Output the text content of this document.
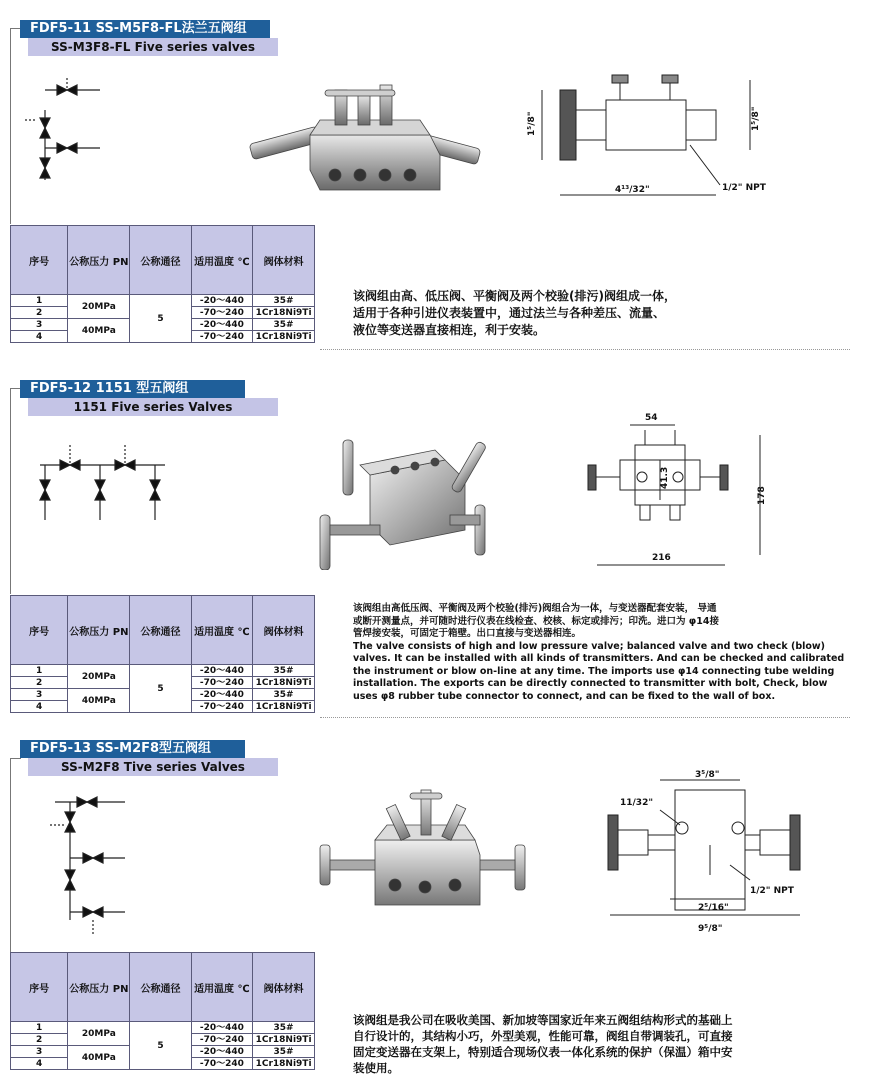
FDF5-11 SS-M5F8-FL法兰五阀组
SS-M3F8-FL Five series valves
4¹³/32"
1⁵/8"	1⁵/8"
1/2" NPT
序号	公称压力 PN	公称通径	适用温度 ℃	阀体材料
1	20MPa	5	-20～440	35#
2			-70～240	1Cr18Ni9Ti
3	40MPa		-20～440	35#
4			-70～240	1Cr18Ni9Ti

该阀组由高、低压阀、平衡阀及两个校验(排污)阀组成一体，

适用于各种引进仪表装置中，通过法兰与各种差压、流量、

液位等变送器直接相连，利于安装。

FDF5-12 1151 型五阀组
1151 Five series Valves
54
41.3
178
216
序号	公称压力 PN	公称通径	适用温度 ℃	阀体材料
1	20MPa	5	-20～440	35#
2			-70～240	1Cr18Ni9Ti
3	40MPa		-20～440	35#
4			-70～240	1Cr18Ni9Ti

该阀组由高低压阀、平衡阀及两个校验(排污)阀组合为一体，与变送器配套安装， 导通

或断开测量点，并可随时进行仪表在线检查、校核、标定或排污；印洗。进口为 φ14接

管焊接安装，可固定于箱壁。出口直接与变送器相连。

The valve consists of high and low pressure valve; balanced valve and two check (blow)

valves. It can be installed with all kinds of transmitters. And can be checked and calibrated

the instrument or blow on-line at any time. The imports use φ14 connecting tube welding

installation. The exports can be directly connected to transmitter with bolt, Check, blow

uses φ8 rubber tube connector to connect, and can be fixed to the wall of box.

FDF5-13 SS-M2F8型五阀组
SS-M2F8 Tive series Valves
3⁵/8"
11/32"
1/2" NPT
2⁵/16"
9⁵/8"
序号	公称压力 PN	公称通径	适用温度 ℃	阀体材料
1	20MPa	5	-20～440	35#
2			-70～240	1Cr18Ni9Ti
3	40MPa		-20～440	35#
4			-70～240	1Cr18Ni9Ti

该阀组是我公司在吸收美国、新加坡等国家近年来五阀组结构形式的基础上

自行设计的，其结构小巧，外型美观，性能可靠，阀组自带调装孔，可直接

固定变送器在支架上，特别适合现场仪表一体化系统的保护（保温）箱中安

装使用。
